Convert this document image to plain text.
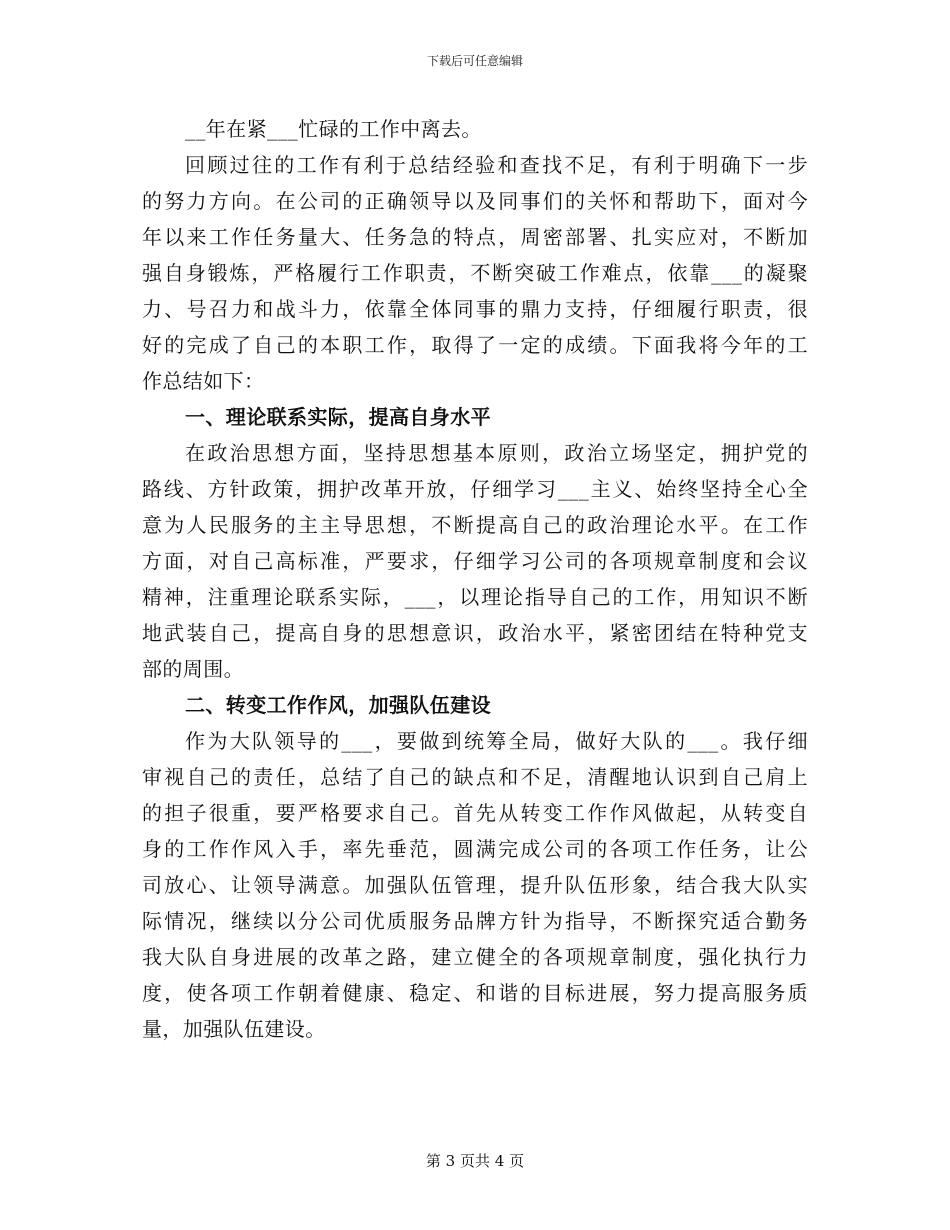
下载后可任意编辑
__年在紧___忙碌的工作中离去。
回顾过往的工作有利于总结经验和查找不足，有利于明确下一步
的努力方向。在公司的正确领导以及同事们的关怀和帮助下，面对今
年以来工作任务量大、任务急的特点，周密部署、扎实应对，不断加
强自身锻炼，严格履行工作职责，不断突破工作难点，依靠___的凝聚
力、号召力和战斗力，依靠全体同事的鼎力支持，仔细履行职责，很
好的完成了自己的本职工作，取得了一定的成绩。下面我将今年的工
作总结如下：
一、理论联系实际，提高自身水平
在政治思想方面，坚持思想基本原则，政治立场坚定，拥护党的
路线、方针政策，拥护改革开放，仔细学习___主义、始终坚持全心全
意为人民服务的主主导思想，不断提高自己的政治理论水平。在工作
方面，对自己高标准，严要求，仔细学习公司的各项规章制度和会议
精神，注重理论联系实际，___，以理论指导自己的工作，用知识不断
地武装自己，提高自身的思想意识，政治水平，紧密团结在特种党支
部的周围。
二、转变工作作风，加强队伍建设
作为大队领导的___，要做到统筹全局，做好大队的___。我仔细
审视自己的责任，总结了自己的缺点和不足，清醒地认识到自己肩上
的担子很重，要严格要求自己。首先从转变工作作风做起，从转变自
身的工作作风入手，率先垂范，圆满完成公司的各项工作任务，让公
司放心、让领导满意。加强队伍管理，提升队伍形象，结合我大队实
际情况，继续以分公司优质服务品牌方针为指导，不断探究适合勤务
我大队自身进展的改革之路，建立健全的各项规章制度，强化执行力
度，使各项工作朝着健康、稳定、和谐的目标进展，努力提高服务质
量，加强队伍建设。
第 3 页共 4 页
